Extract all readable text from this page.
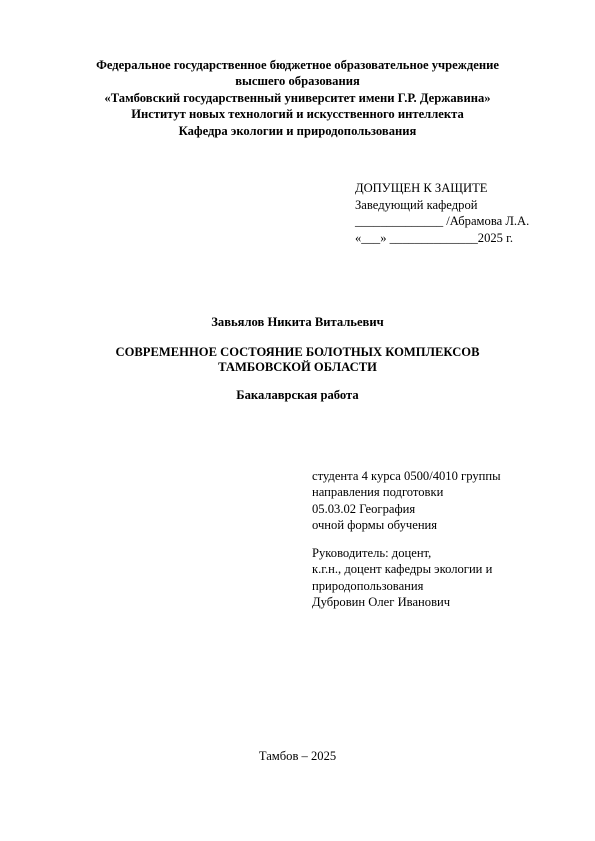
Федеральное государственное бюджетное образовательное учреждение
высшего образования
«Тамбовский государственный университет имени Г.Р. Державина»
Институт новых технологий и искусственного интеллекта
Кафедра экологии и природопользования
ДОПУЩЕН К ЗАЩИТЕ
Заведующий кафедрой
______________ /Абрамова Л.А.
«___» ______________2025 г.
Завьялов Никита Витальевич
СОВРЕМЕННОЕ СОСТОЯНИЕ БОЛОТНЫХ КОМПЛЕКСОВ
ТАМБОВСКОЙ ОБЛАСТИ
Бакалаврская работа
студента 4 курса 0500/4010 группы
направления подготовки
05.03.02 География
очной формы обучения
Руководитель: доцент,
к.г.н., доцент кафедры экологии и
природопользования
Дубровин Олег Иванович
Тамбов – 2025
